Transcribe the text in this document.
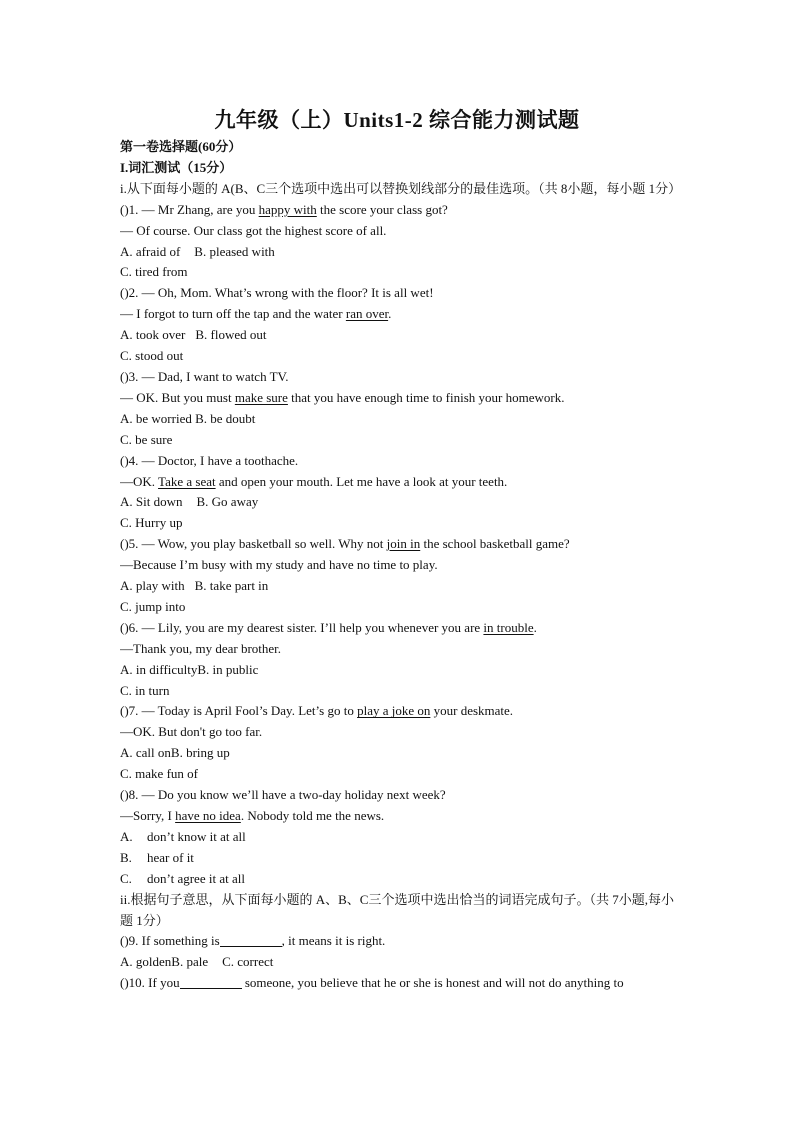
九年级（上）Units1-2 综合能力测试题
第一卷选择题(60分）
I.词汇测试（15分）
i.从下面每小题的 A(B、C三个选项中选出可以替换划线部分的最佳选项。（共 8小题，每小题 1分）
()1. — Mr Zhang, are you happy with the score your class got?
— Of course. Our class got the highest score of all.
A. afraid of B. pleased with
C. tired from
()2. — Oh, Mom. What’s wrong with the floor? It is all wet!
— I forgot to turn off the tap and the water ran over.
A. took over B. flowed out
C. stood out
()3. — Dad, I want to watch TV.
— OK. But you must make sure that you have enough time to finish your homework.
A. be worried B. be doubt
C. be sure
()4. — Doctor, I have a toothache.
—OK. Take a seat and open your mouth. Let me have a look at your teeth.
A. Sit down B. Go away
C. Hurry up
()5. — Wow, you play basketball so well. Why not join in the school basketball game?
—Because I’m busy with my study and have no time to play.
A. play with B. take part in
C. jump into
()6. — Lily, you are my dearest sister. I’ll help you whenever you are in trouble.
—Thank you, my dear brother.
A. in difficultyB. in public
C. in turn
()7. — Today is April Fool’s Day. Let’s go to play a joke on your deskmate.
—OK. But don't go too far.
A. call onB. bring up
C. make fun of
()8. — Do you know we’ll have a two-day holiday next week?
—Sorry, I have no idea. Nobody told me the news.
A. don’t know it at all
B. hear of it
C. don’t agree it at all
ii.根据句子意思，从下面每小题的 A、B、C三个选项中选出恰当的词语完成句子。（共 7小题,每小题 1分）
()9. If something is	, it means it is right.
A. goldenB. pale C. correct
()10. If you	someone, you believe that he or she is honest and will not do anything to
